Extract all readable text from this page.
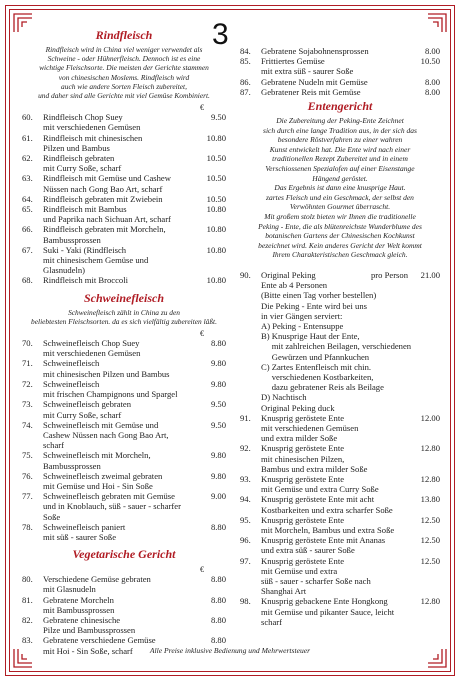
3
Rindfleisch
Rindfleisch wird in China viel weniger verwendet als
Schweine - oder Hühnerfleisch. Dennoch ist es eine
wichtige Fleischsorte. Die meisten der Gerichte stammen
von chinesischen Moslems. Rindfleisch wird
auch wie andere Sorten Fleisch zubereitet,
und daher sind alle Gerichte mit viel Gemüse Kombiniert.
€
60.	Rindfleisch Chop Suey
mit verschiedenen Gemüsen
9.50
61.	Rindfleisch mit chinesischen
Pilzen und Bambus
10.80
62.	Rindfleisch gebraten
mit Curry Soße, scharf
10.50
63.	Rindfleisch mit Gemüse und Cashew
Nüssen nach Gong Bao Art, scharf
10.50
64.	Rindfleisch gebraten mit Zwiebein	10.50
65.	Rindfleisch mit Bambus
und Paprika nach Sichuan Art, scharf
10.80
66.	Rindfleisch gebraten mit Morcheln,
Bambussprossen
10.80
67.	Suki - Yaki (Rindfleisch
mit chinesischem Gemüse und Glasnudeln)
10.80
68.	Rindfleisch mit Broccoli	10.80
Schweinefleisch
Schweinefleisch zählt in China zu den
beliebtesten Fleischsorten. da es sich vielfältig zubereiten läßt.
€
70.	Schweinefleisch Chop Suey
mit verschiedenen Gemüsen
8.80
71.	Schweinefleisch
mit chinesischen Pilzen und Bambus
9.80
72.	Schweinefleisch
mit frischen Champignons und Spargel
9.80
73.	Schweinefleisch gebraten
mit Curry Soße, scharf
9.50
74.	Schweinefleisch mit Gemüse und
Cashew Nüssen nach Gong Bao Art, scharf
9.50
75.	Schweinefleisch mit Morcheln,
Bambussprossen
9.80
76.	Schweinefleisch zweimal gebraten
mit Gemüse und Hoi - Sin Soße
9.80
77.	Schweinefleisch gebraten mit Gemüse
und in Knoblauch, süß - sauer - scharfer Soße
9.00
78.	Schweinefleisch paniert
mit süß - saurer Soße
8.80
Vegetarische Gericht
€
80.	Verschiedene Gemüse gebraten
mit Glasnudeln
8.80
81.	Gebratene Morcheln
mit Bambussprossen
8.80
82.	Gebratene chinesische
Pilze und Bambussprossen
8.80
83.	Gebratene verschiedene Gemüse
mit Hoi - Sin Soße, scharf
8.80
84.	Gebratene Sojabohnensprossen	8.00
85.	Frittiertes Gemüse
mit extra süß - saurer Soße
10.50
86.	Gebratene Nudeln mit Gemüse	8.00
87.	Gebratener Reis mit Gemüse	8.00
Entengericht
Die Zubereitung der Peking-Ente Zeichnet
sich durch eine lange Tradition aus, in der sich das
besondere Röstverfahren zu einer wahren
Kunst entwickelt hat. Die Ente wird nach einer
traditionellen Rezept Zubereitet und in einem
Verschiossenen Spezialofen auf einer Eisenstange
Hängend geröstet.
Das Ergebnis ist dann eine knusprige Haut.
zartes Fleisch und ein Geschmack, der selbst den
Verwöhnten Gourmet überrascht.
Mit großem stolz bieten wir Ihnen die traditionelle
Peking - Ente, die als blütenreichste Wunderblume des
botanischen Gartens der Chinesischen Kochkunst
bezeichnet wird. Kein anderes Gericht der Welt kommt
Ihrem Charakteristischen Geschmack gleich.
90.	Original Peking	pro Person	21.00
Ente ab 4 Personen
(Bitte einen Tag vorher bestellen)
Die Peking - Ente wird bei uns
in vier Gängen serviert:
A) Peking - Entensuppe
B) Knusprige Haut der Ente,
mit zahlreichen Beilagen, verschiedenen
Gewürzen und Pfannkuchen
C) Zartes Entenfleisch mit chin.
verschiedenen Kostbarkeiten,
dazu gebratener Reis als Beilage
D) Nachtisch
Original Peking duck
91.	Knusprig geröstete Ente
mit verschiedenen Gemüsen
und extra milder Soße
12.00
92.	Knusprig geröstete Ente
mit chinesischen Pilzen,
Bambus und extra milder Soße
12.80
93.	Knusprig geröstete Ente
mit Gemüse und extra Curry Soße
12.80
94.	Knusprig geröstete Ente mit acht
Kostbarkeiten und extra scharfer Soße
13.80
95.	Knusprig geröstete Ente
mit Morcheln, Bambus und extra Soße
12.50
96.	Knusprig geröstete Ente mit Ananas
und extra süß - saurer Soße
12.50
97.	Knusprig geröstete Ente
mit Gemüse und extra
süß - sauer - scharfer Soße nach Shanghai Art
12.50
98.	Knusprig gebackene Ente Hongkong
mit Gemüse und pikanter Sauce, leicht scharf
12.80
Alle Preise inklusive Bedienung und Mehrwertsteuer
